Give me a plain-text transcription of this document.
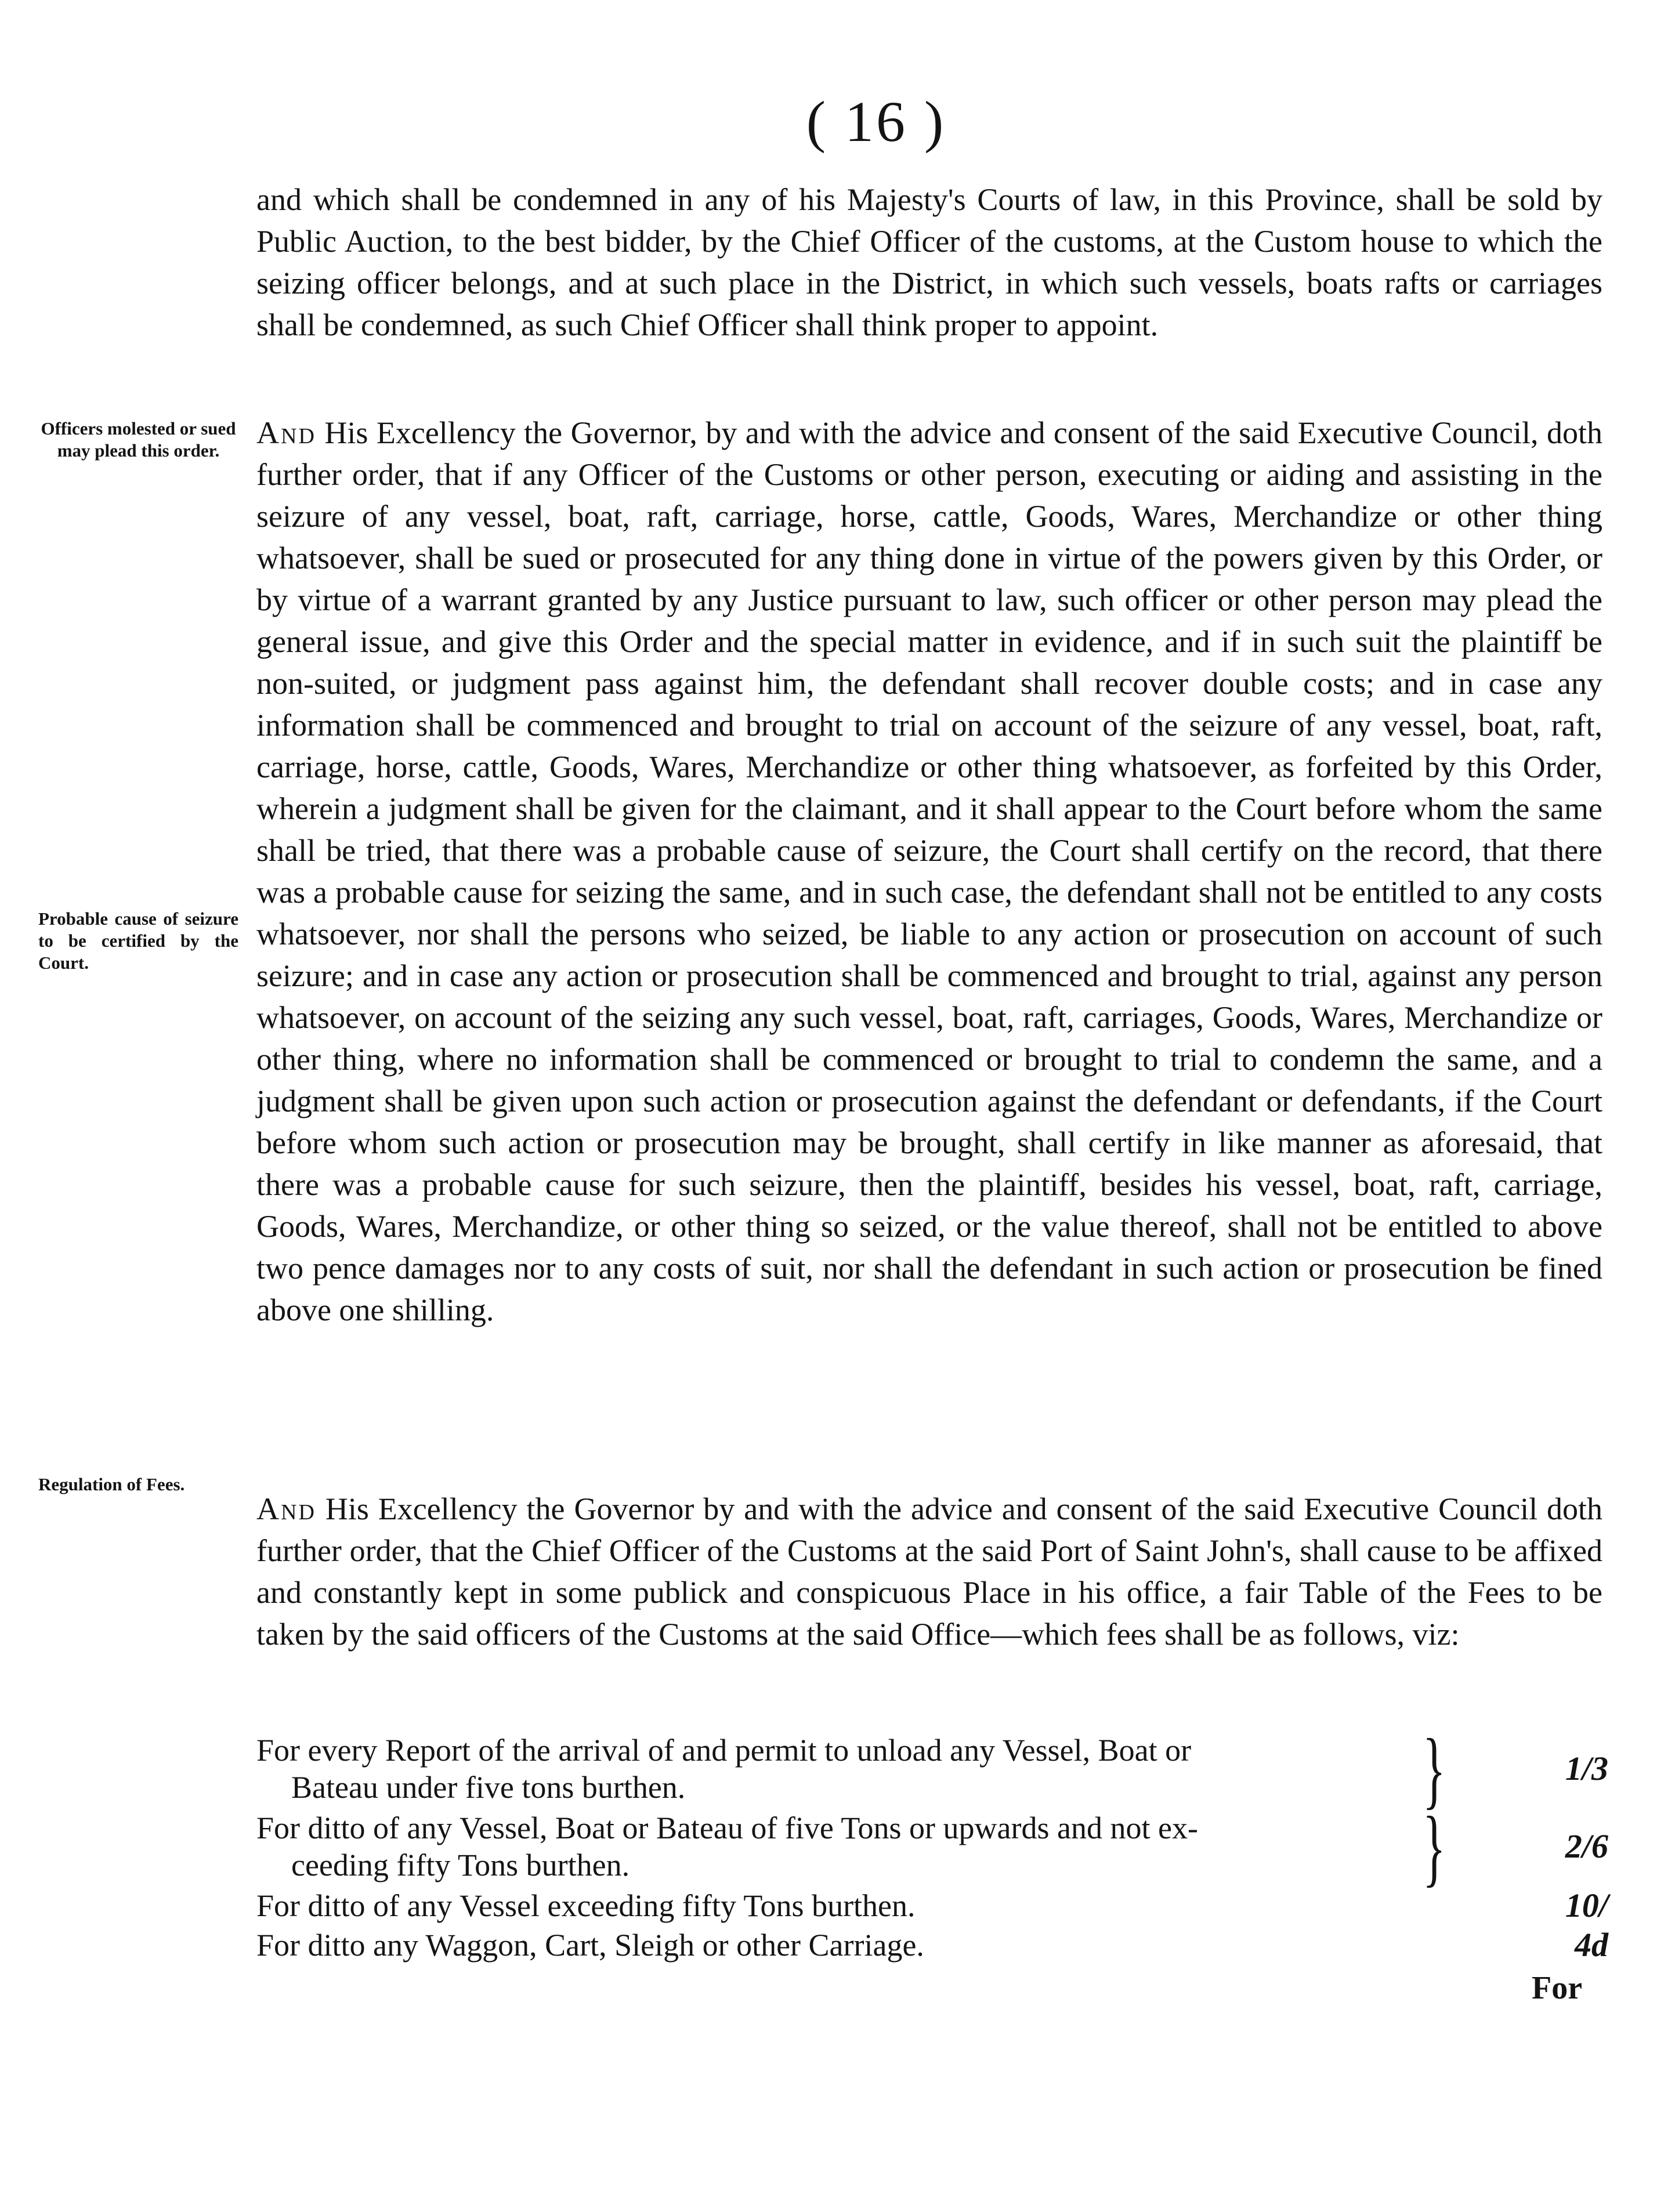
( 16 )

and which shall be condemned in any of his Majesty's Courts of law, in this Province, shall be sold by Public Auction, to the best bidder, by the Chief Officer of the customs, at the Custom house to which the seizing officer belongs, and at such place in the District, in which such vessels, boats rafts or carriages shall be condemned, as such Chief Officer shall think proper to appoint.

Officers molested or sued may plead this order.

And His Excellency the Governor, by and with the advice and consent of the said Executive Council, doth further order, that if any Officer of the Customs or other person, executing or aiding and assisting in the seizure of any vessel, boat, raft, carriage, horse, cattle, Goods, Wares, Merchandize or other thing whatsoever, shall be sued or prosecuted for any thing done in virtue of the powers given by this Order, or by virtue of a warrant granted by any Justice pursuant to law, such officer or other person may plead the general issue, and give this Order and the special matter in evidence, and if in such suit the plaintiff be non-suited, or judgment pass against him, the defendant shall recover double costs; and in case any information shall be commenced and brought to trial on account of the seizure of any vessel, boat, raft, carriage, horse, cattle, Goods, Wares, Merchandize or other thing whatsoever, as forfeited by this Order, wherein a judgment shall be given for the claimant, and it shall appear to the Court before whom the same shall be tried, that there was a probable cause of seizure, the Court shall certify on the record, that there was a probable cause for seizing the same, and in such case, the defendant shall not be entitled to any costs whatsoever, nor shall the persons who seized, be liable to any action or prosecution on account of such seizure; and in case any action or prosecution shall be commenced and brought to trial, against any person whatsoever, on account of the seizing any such vessel, boat, raft, carriages, Goods, Wares, Merchandize or other thing, where no information shall be commenced or brought to trial to condemn the same, and a judgment shall be given upon such action or prosecution against the defendant or defendants, if the Court before whom such action or prosecution may be brought, shall certify in like manner as aforesaid, that there was a probable cause for such seizure, then the plaintiff, besides his vessel, boat, raft, carriage, Goods, Wares, Merchandize, or other thing so seized, or the value thereof, shall not be entitled to above two pence damages nor to any costs of suit, nor shall the defendant in such action or prosecution be fined above one shilling.

Probable cause of seizure to be certified by the Court.

Regulation of Fees.

And His Excellency the Governor by and with the advice and consent of the said Executive Council doth further order, that the Chief Officer of the Customs at the said Port of Saint John's, shall cause to be affixed and constantly kept in some publick and conspicuous Place in his office, a fair Table of the Fees to be taken by the said officers of the Customs at the said Office—which fees shall be as follows, viz:

For every Report of the arrival of and permit to unload any Vessel, Boat or
Bateau under five tons burthen.	}	1/3
For ditto of any Vessel, Boat or Bateau of five Tons or upwards and not ex-
ceeding fifty Tons burthen.	}	2/6
For ditto of any Vessel exceeding fifty Tons burthen.	10/
For ditto any Waggon, Cart, Sleigh or other Carriage.	4d
For
